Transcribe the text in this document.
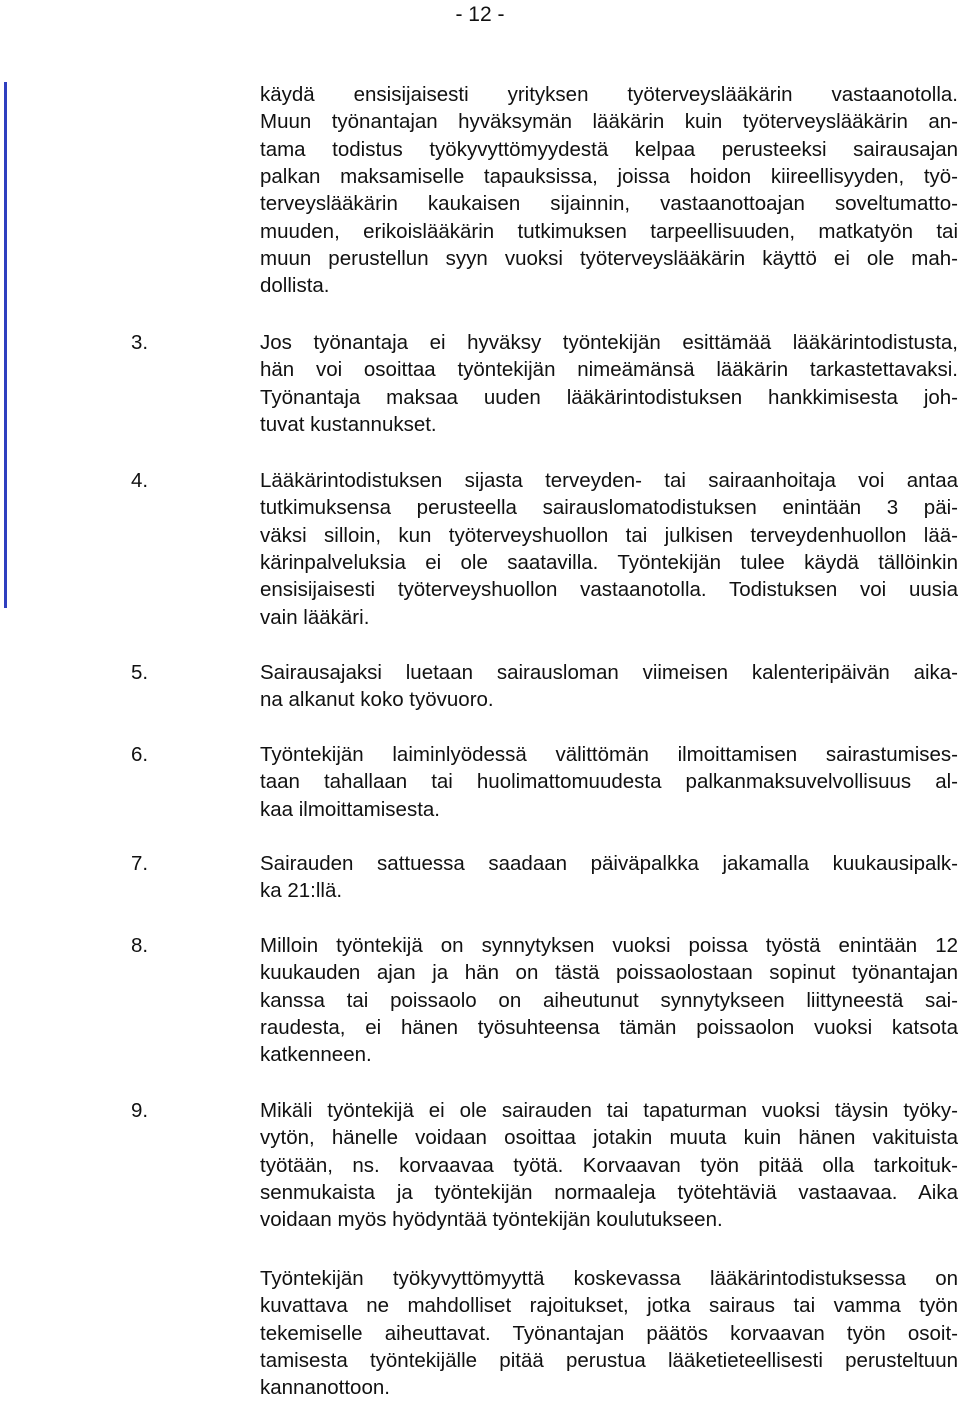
- 12 -
käydä ensisijaisesti yrityksen työterveyslääkärin vastaanotolla.
Muun työnantajan hyväksymän lääkärin kuin työterveyslääkärin an-
tama todistus työkyvyttömyydestä kelpaa perusteeksi sairausajan
palkan maksamiselle tapauksissa, joissa hoidon kiireellisyyden, työ-
terveyslääkärin kaukaisen sijainnin, vastaanottoajan soveltumatto-
muuden, erikoislääkärin tutkimuksen tarpeellisuuden, matkatyön tai
muun perustellun syyn vuoksi työterveyslääkärin käyttö ei ole mah-
dollista.
3.	Jos työnantaja ei hyväksy työntekijän esittämää lääkärintodistusta,
hän voi osoittaa työntekijän nimeämänsä lääkärin tarkastettavaksi.
Työnantaja maksaa uuden lääkärintodistuksen hankkimisesta joh-
tuvat kustannukset.
4.	Lääkärintodistuksen sijasta terveyden- tai sairaanhoitaja voi antaa
tutkimuksensa perusteella sairauslomatodistuksen enintään 3 päi-
väksi silloin, kun työterveyshuollon tai julkisen terveydenhuollon lää-
kärinpalveluksia ei ole saatavilla. Työntekijän tulee käydä tällöinkin
ensisijaisesti työterveyshuollon vastaanotolla. Todistuksen voi uusia
vain lääkäri.
5.	Sairausajaksi luetaan sairausloman viimeisen kalenteripäivän aika-
na alkanut koko työvuoro.
6.	Työntekijän laiminlyödessä välittömän ilmoittamisen sairastumises-
taan tahallaan tai huolimattomuudesta palkanmaksuvelvollisuus al-
kaa ilmoittamisesta.
7.	Sairauden sattuessa saadaan päiväpalkka jakamalla kuukausipalk-
ka 21:llä.
8.	Milloin työntekijä on synnytyksen vuoksi poissa työstä enintään 12
kuukauden ajan ja hän on tästä poissaolostaan sopinut työnantajan
kanssa tai poissaolo on aiheutunut synnytykseen liittyneestä sai-
raudesta, ei hänen työsuhteensa tämän poissaolon vuoksi katsota
katkenneen.
9.	Mikäli työntekijä ei ole sairauden tai tapaturman vuoksi täysin työky-
vytön, hänelle voidaan osoittaa jotakin muuta kuin hänen vakituista
työtään, ns. korvaavaa työtä. Korvaavan työn pitää olla tarkoituk-
senmukaista ja työntekijän normaaleja työtehtäviä vastaavaa. Aika
voidaan myös hyödyntää työntekijän koulutukseen.
Työntekijän työkyvyttömyyttä koskevassa lääkärintodistuksessa on
kuvattava ne mahdolliset rajoitukset, jotka sairaus tai vamma työn
tekemiselle aiheuttavat. Työnantajan päätös korvaavan työn osoit-
tamisesta työntekijälle pitää perustua lääketieteellisesti perusteltuun
kannanottoon.
